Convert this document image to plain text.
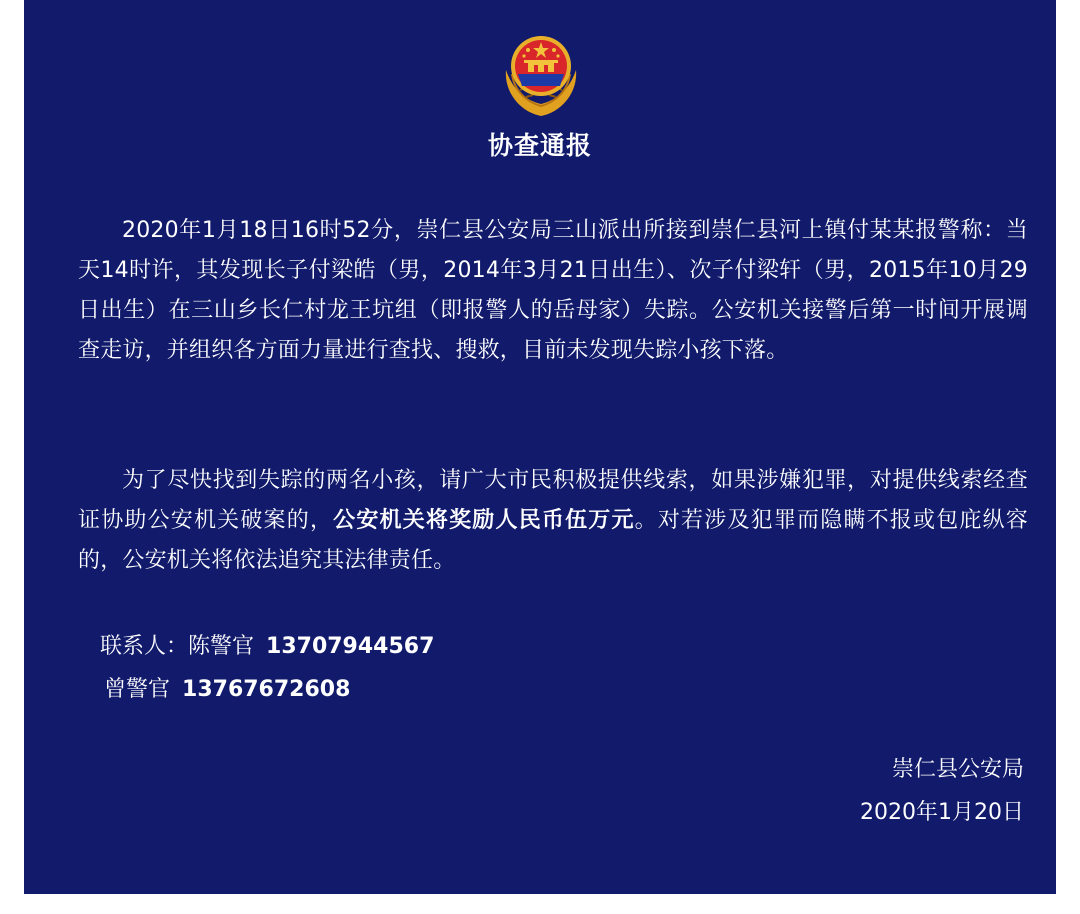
协查通报

2020年1月18日16时52分，崇仁县公安局三山派出所接到崇仁县河上镇付某某报警称：当天14时许，其发现长子付梁皓（男，2014年3月21日出生）、次子付梁轩（男，2015年10月29日出生）在三山乡长仁村龙王坑组（即报警人的岳母家）失踪。公安机关接警后第一时间开展调查走访，并组织各方面力量进行查找、搜救，目前未发现失踪小孩下落。

为了尽快找到失踪的两名小孩，请广大市民积极提供线索，如果涉嫌犯罪，对提供线索经查证协助公安机关破案的，公安机关将奖励人民币伍万元。对若涉及犯罪而隐瞒不报或包庇纵容的，公安机关将依法追究其法律责任。

联系人：陈警官 13707944567
曾警官 13767672608
崇仁县公安局
2020年1月20日
